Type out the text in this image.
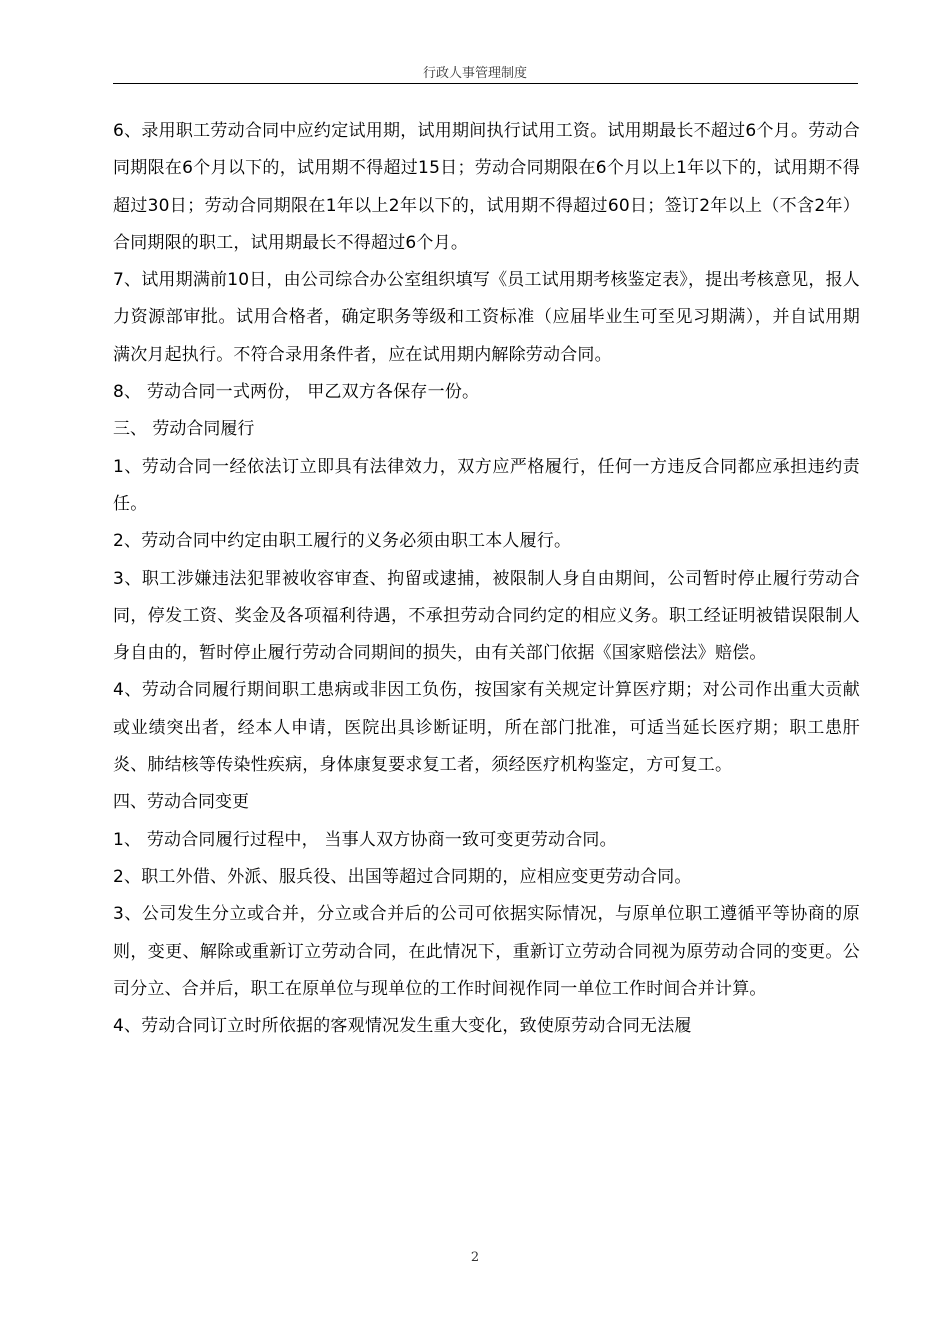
行政人事管理制度

6、录用职工劳动合同中应约定试用期，试用期间执行试用工资。试用期最长不超过6个月。劳动合同期限在6个月以下的，试用期不得超过15日；劳动合同期限在6个月以上1年以下的，试用期不得超过30日；劳动合同期限在1年以上2年以下的，试用期不得超过60日；签订2年以上（不含2年）合同期限的职工，试用期最长不得超过6个月。

7、试用期满前10日，由公司综合办公室组织填写《员工试用期考核鉴定表》，提出考核意见，报人力资源部审批。试用合格者，确定职务等级和工资标准（应届毕业生可至见习期满），并自试用期满次月起执行。不符合录用条件者，应在试用期内解除劳动合同。

8、 劳动合同一式两份， 甲乙双方各保存一份。

三、 劳动合同履行

1、劳动合同一经依法订立即具有法律效力，双方应严格履行，任何一方违反合同都应承担违约责任。

2、劳动合同中约定由职工履行的义务必须由职工本人履行。

3、职工涉嫌违法犯罪被收容审查、拘留或逮捕，被限制人身自由期间，公司暂时停止履行劳动合同，停发工资、奖金及各项福利待遇，不承担劳动合同约定的相应义务。职工经证明被错误限制人身自由的，暂时停止履行劳动合同期间的损失，由有关部门依据《国家赔偿法》赔偿。

4、劳动合同履行期间职工患病或非因工负伤，按国家有关规定计算医疗期；对公司作出重大贡献或业绩突出者，经本人申请，医院出具诊断证明，所在部门批准，可适当延长医疗期；职工患肝炎、肺结核等传染性疾病，身体康复要求复工者，须经医疗机构鉴定，方可复工。

四、劳动合同变更

1、 劳动合同履行过程中， 当事人双方协商一致可变更劳动合同。

2、职工外借、外派、服兵役、出国等超过合同期的，应相应变更劳动合同。

3、公司发生分立或合并，分立或合并后的公司可依据实际情况，与原单位职工遵循平等协商的原则，变更、解除或重新订立劳动合同，在此情况下，重新订立劳动合同视为原劳动合同的变更。公司分立、合并后，职工在原单位与现单位的工作时间视作同一单位工作时间合并计算。

4、劳动合同订立时所依据的客观情况发生重大变化，致使原劳动合同无法履

2
